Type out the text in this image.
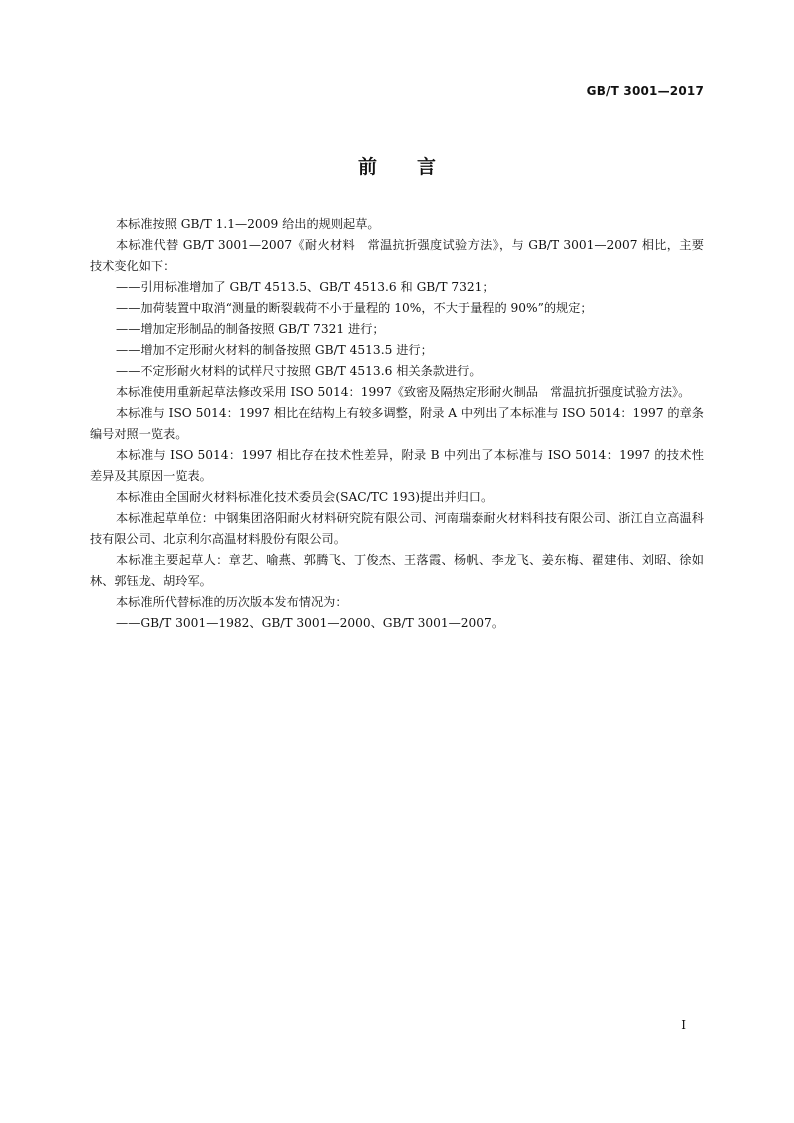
GB/T 3001—2017
前 言

本标准按照 GB/T 1.1—2009 给出的规则起草。

本标准代替 GB/T 3001—2007《耐火材料　常温抗折强度试验方法》，与 GB/T 3001—2007 相比，主要技术变化如下：

——引用标准增加了 GB/T 4513.5、GB/T 4513.6 和 GB/T 7321；

——加荷装置中取消“测量的断裂载荷不小于量程的 10%，不大于量程的 90%”的规定；

——增加定形制品的制备按照 GB/T 7321 进行；

——增加不定形耐火材料的制备按照 GB/T 4513.5 进行；

——不定形耐火材料的试样尺寸按照 GB/T 4513.6 相关条款进行。

本标准使用重新起草法修改采用 ISO 5014：1997《致密及隔热定形耐火制品　常温抗折强度试验方法》。

本标准与 ISO 5014：1997 相比在结构上有较多调整，附录 A 中列出了本标准与 ISO 5014：1997 的章条编号对照一览表。

本标准与 ISO 5014：1997 相比存在技术性差异，附录 B 中列出了本标准与 ISO 5014：1997 的技术性差异及其原因一览表。

本标准由全国耐火材料标准化技术委员会(SAC/TC 193)提出并归口。

本标准起草单位：中钢集团洛阳耐火材料研究院有限公司、河南瑞泰耐火材料科技有限公司、浙江自立高温科技有限公司、北京利尔高温材料股份有限公司。

本标准主要起草人：章艺、喻燕、郭腾飞、丁俊杰、王落霞、杨帆、李龙飞、姜东梅、翟建伟、刘昭、徐如林、郭钰龙、胡玲军。

本标准所代替标准的历次版本发布情况为：

——GB/T 3001—1982、GB/T 3001—2000、GB/T 3001—2007。

I
